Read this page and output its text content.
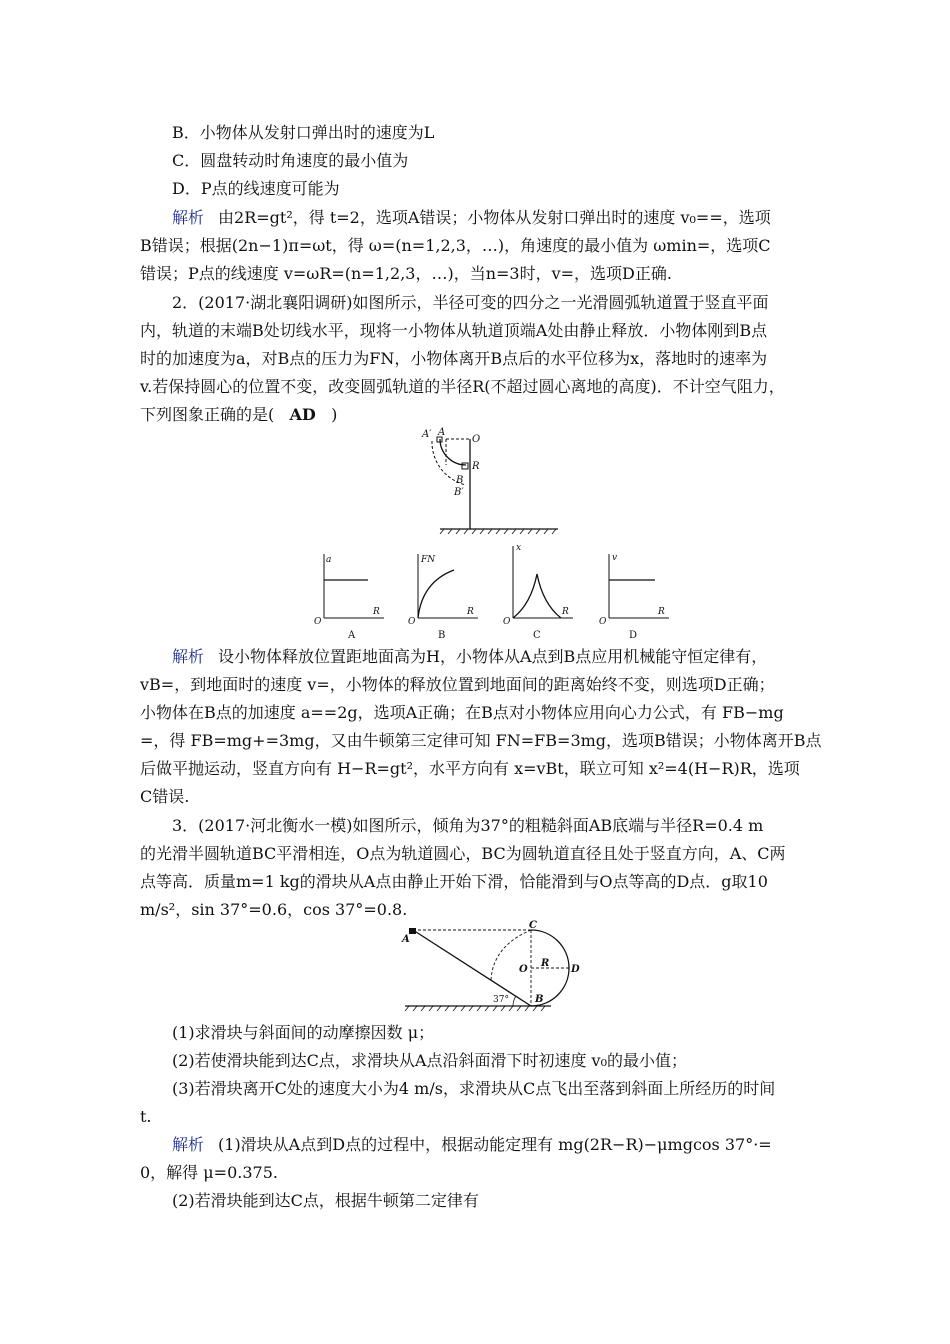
B．小物体从发射口弹出时的速度为L
C．圆盘转动时角速度的最小值为
D．P点的线速度可能为
解析 由2R=gt²，得 t=2，选项A错误；小物体从发射口弹出时的速度 v₀==，选项
B错误；根据(2n−1)π=ωt，得 ω=(n=1,2,3，…)，角速度的最小值为 ωmin=，选项C
错误；P点的线速度 v=ωR=(n=1,2,3，…)，当n=3时，v=，选项D正确.
2．(2017·湖北襄阳调研)如图所示，半径可变的四分之一光滑圆弧轨道置于竖直平面
内，轨道的末端B处切线水平，现将一小物体从轨道顶端A处由静止释放．小物体刚到B点
时的加速度为a，对B点的压力为FN，小物体离开B点后的水平位移为x，落地时的速率为
v.若保持圆心的位置不变，改变圆弧轨道的半径R(不超过圆心离地的高度)．不计空气阻力，
下列图象正确的是( AD )
A′ A
O
R
B
B′
a
R
O
A
FN
R
O
B
x
R
O
C
v
R
O
D
解析 设小物体释放位置距地面高为H，小物体从A点到B点应用机械能守恒定律有，
vB=，到地面时的速度 v=，小物体的释放位置到地面间的距离始终不变，则选项D正确；
小物体在B点的加速度 a==2g，选项A正确；在B点对小物体应用向心力公式，有 FB−mg
=，得 FB=mg+=3mg，又由牛顿第三定律可知 FN=FB=3mg，选项B错误；小物体离开B点
后做平抛运动，竖直方向有 H−R=gt²，水平方向有 x=vBt，联立可知 x²=4(H−R)R，选项
C错误.
3．(2017·河北衡水一模)如图所示，倾角为37°的粗糙斜面AB底端与半径R=0.4 m
的光滑半圆轨道BC平滑相连，O点为轨道圆心，BC为圆轨道直径且处于竖直方向，A、C两
点等高．质量m=1 kg的滑块从A点由静止开始下滑，恰能滑到与O点等高的D点．g取10
m/s²，sin 37°=0.6，cos 37°=0.8.
A
C
O
R
D
37°	B
(1)求滑块与斜面间的动摩擦因数 μ；
(2)若使滑块能到达C点，求滑块从A点沿斜面滑下时初速度 v₀的最小值；
(3)若滑块离开C处的速度大小为4 m/s，求滑块从C点飞出至落到斜面上所经历的时间
t.
解析 (1)滑块从A点到D点的过程中，根据动能定理有 mg(2R−R)−μmgcos 37°·=
0，解得 μ=0.375.
(2)若滑块能到达C点，根据牛顿第二定律有
